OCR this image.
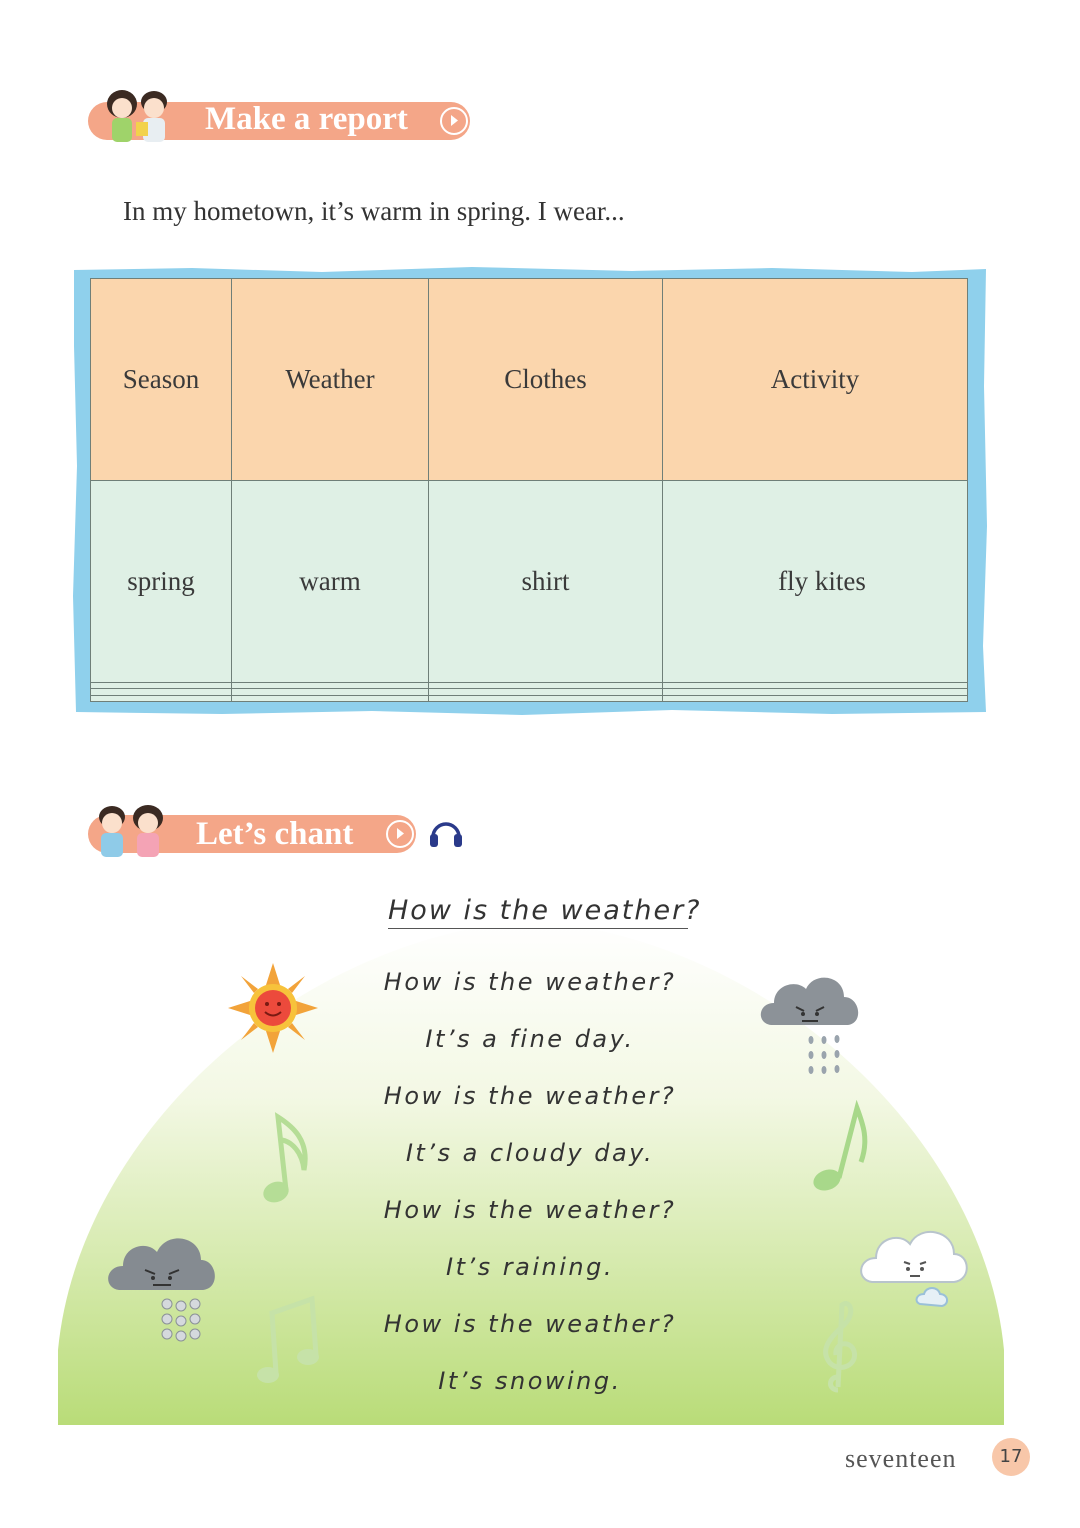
Make a report
In my hometown, it’s warm in spring. I wear...
Season	Weather	Clothes	Activity
spring	warm	shirt	fly kites

Let’s chant
How is the weather?
How is the weather?
It’s a fine day.
How is the weather?
It’s a cloudy day.
How is the weather?
It’s raining.
How is the weather?
It’s snowing.
seventeen	17
